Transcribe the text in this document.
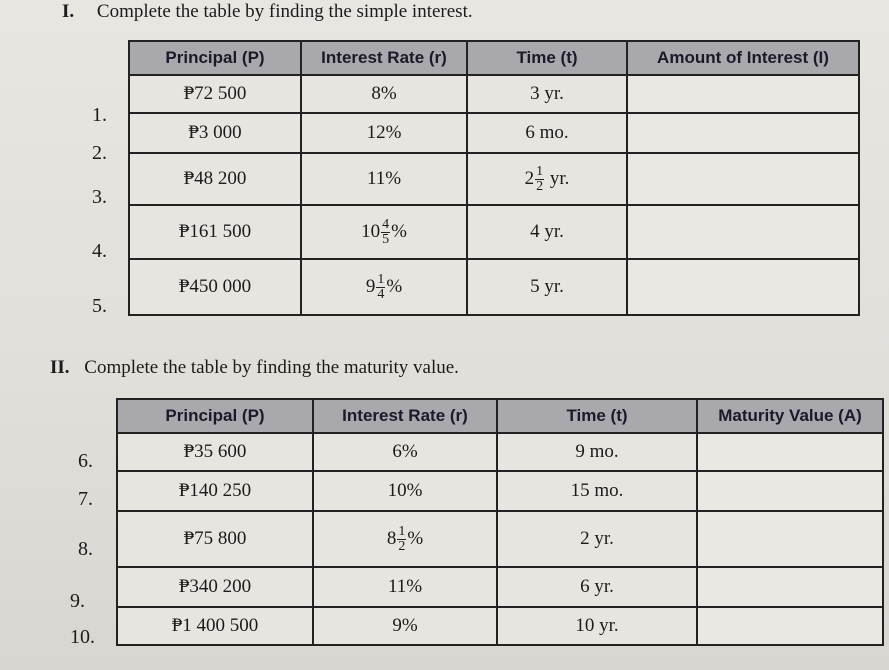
I. Complete the table by finding the simple interest.
1.
2.
3.
4.
5.
Principal (P)	Interest Rate (r)	Time (t)	Amount of Interest (I)
₱72 500	8%	3 yr.	
₱3 000	12%	6 mo.	
₱48 200	11%	$2 \frac{1}{2}$ yr.	
₱161 500	$10 \frac{4}{5}$ %	4 yr.	
₱450 000	$9 \frac{1}{4}$ %	5 yr.	
II. Complete the table by finding the maturity value.
6.
7.
8.
9.
10.
Principal (P)	Interest Rate (r)	Time (t)	Maturity Value (A)
₱35 600	6%	9 mo.	
₱140 250	10%	15 mo.	
₱75 800	$8 \frac{1}{2}$ %	2 yr.	
₱340 200	11%	6 yr.	
₱1 400 500	9%	10 yr.	
